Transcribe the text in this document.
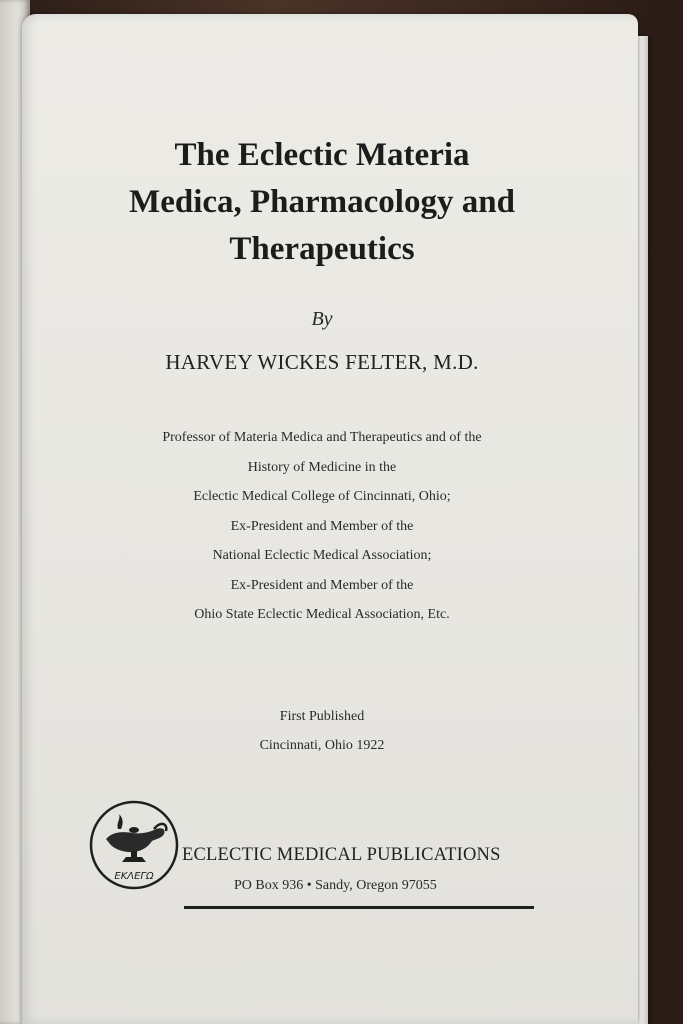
The Eclectic Materia
Medica, Pharmacology and
Therapeutics
By
HARVEY WICKES FELTER, M.D.
Professor of Materia Medica and Therapeutics and of the
History of Medicine in the
Eclectic Medical College of Cincinnati, Ohio;
Ex-President and Member of the
National Eclectic Medical Association;
Ex-President and Member of the
Ohio State Eclectic Medical Association, Etc.
First Published
Cincinnati, Ohio 1922
ΕΚΛΕΓΩ
ECLECTIC MEDICAL PUBLICATIONS
PO Box 936 • Sandy, Oregon 97055
